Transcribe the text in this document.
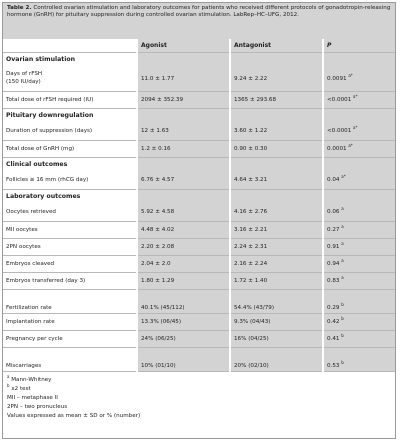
Table 2. Controlled ovarian stimulation and laboratory outcomes for patients who received different protocols of gonadotropin-releasing hormone (GnRH) for pituitary suppression during controlled ovarian stimulation. LabRep–HC–UFG, 2012.
	Agonist	Antagonist	P
Ovarian stimulation			

Days of rFSH
(150 IU/day)	11.0 ± 1.77	9.24 ± 2.22	0.0091 $^{a*}$
Total dose of rFSH required (IU)	2094 ± 352.39	1365 ± 293.68	<0.0001 $^{a*}$
Pituitary downregulation			
Duration of suppression (days)	12 ± 1.63	3.60 ± 1.22	<0.0001 $^{a*}$
Total dose of GnRH (mg)	1.2 ± 0.16	0.90 ± 0.30	0.0001 $^{a*}$
Clinical outcomes			
Follicles ≥ 16 mm (rhCG day)	6.76 ± 4.57	4.64 ± 3.21	0.04 $^{a*}$
Laboratory outcomes			
Oocytes retrieved	5.92 ± 4.58	4.16 ± 2.76	0.06 $^a$
MII oocytes	4.48 ± 4.02	3.16 ± 2.21	0.27 $^a$
2PN oocytes	2.20 ± 2.08	2.24 ± 2.31	0.91 $^a$
Embryos cleaved	2.04 ± 2.0	2.16 ± 2.24	0.94 $^a$
Embryos transferred (day 3)	1.80 ± 1.29	1.72 ± 1.40	0.83 $^a$
Fertilization rate	40.1% (45/112)	54.4% (43/79)	0.29 $^b$
Implantation rate	13.3% (06/45)	9.3% (04/43)	0.42 $^b$
Pregnancy per cycle	24% (06/25)	16% (04/25)	0.41 $^b$
Miscarriages	10% (01/10)	20% (02/10)	0.53 $^b$
$^a$ Mann-Whitney
$^b$ x2 test
MII – metaphase II
2PN – two pronucleus
Values expressed as mean ± SD or % (number)
